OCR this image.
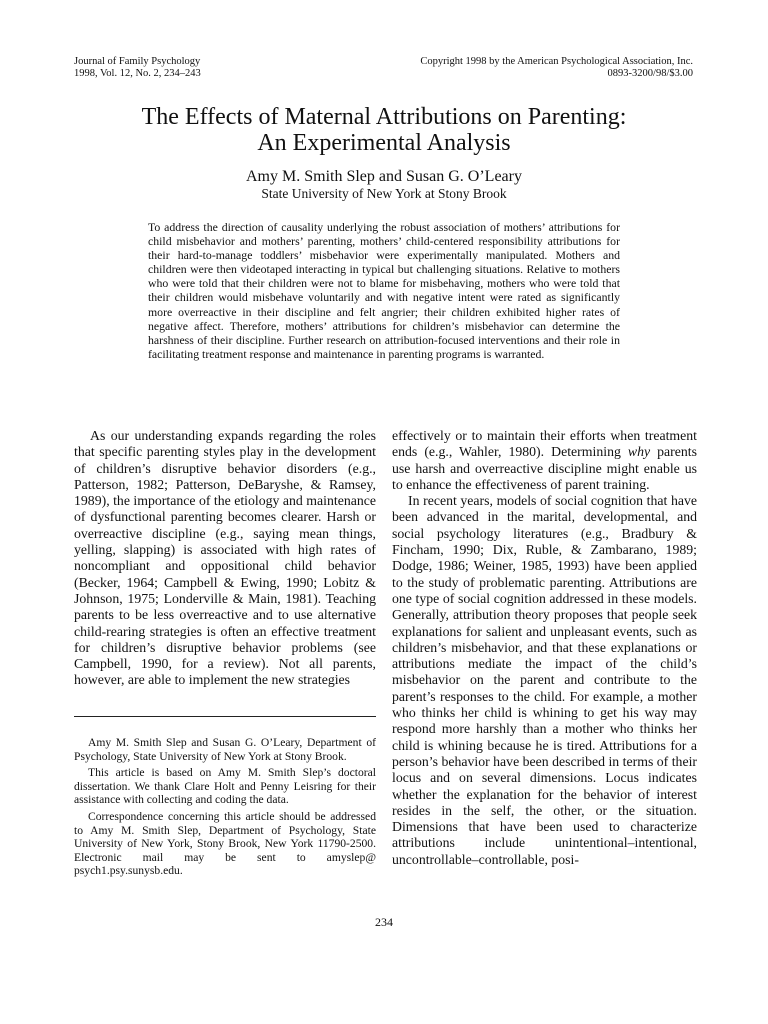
Journal of Family Psychology
1998, Vol. 12, No. 2, 234–243
Copyright 1998 by the American Psychological Association, Inc.
0893-3200/98/$3.00
The Effects of Maternal Attributions on Parenting:
An Experimental Analysis
Amy M. Smith Slep and Susan G. O’Leary
State University of New York at Stony Brook

To address the direction of causality underlying the robust association of mothers’ attributions for child misbehavior and mothers’ parenting, mothers’ child-centered responsibility attributions for their hard-to-manage toddlers’ misbehavior were experimentally manipulated. Mothers and children were then videotaped interacting in typical but challenging situations. Relative to mothers who were told that their children were not to blame for misbehaving, mothers who were told that their children would misbehave voluntarily and with negative intent were rated as significantly more overreactive in their discipline and felt angrier; their children exhibited higher rates of negative affect. Therefore, mothers’ attributions for children’s misbehavior can determine the harshness of their discipline. Further research on attribution-focused interventions and their role in facilitating treatment response and maintenance in parenting programs is warranted.

As our understanding expands regarding the roles that specific parenting styles play in the development of children’s disruptive behavior disorders (e.g., Patterson, 1982; Patterson, DeBaryshe, & Ramsey, 1989), the importance of the etiology and maintenance of dysfunctional parenting becomes clearer. Harsh or overreactive discipline (e.g., saying mean things, yelling, slapping) is associated with high rates of noncompliant and oppositional child behavior (Becker, 1964; Campbell & Ewing, 1990; Lobitz & Johnson, 1975; Londerville & Main, 1981). Teaching parents to be less overreactive and to use alternative child-rearing strategies is often an effective treatment for children’s disruptive behavior problems (see Campbell, 1990, for a review). Not all parents, however, are able to implement the new strategies

effectively or to maintain their efforts when treatment ends (e.g., Wahler, 1980). Determining why parents use harsh and overreactive discipline might enable us to enhance the effectiveness of parent training.

In recent years, models of social cognition that have been advanced in the marital, developmental, and social psychology literatures (e.g., Bradbury & Fincham, 1990; Dix, Ruble, & Zambarano, 1989; Dodge, 1986; Weiner, 1985, 1993) have been applied to the study of problematic parenting. Attributions are one type of social cognition addressed in these models. Generally, attribution theory proposes that people seek explanations for salient and unpleasant events, such as children’s misbehavior, and that these explanations or attributions mediate the impact of the child’s misbehavior on the parent and contribute to the parent’s responses to the child. For example, a mother who thinks her child is whining to get his way may respond more harshly than a mother who thinks her child is whining because he is tired. Attributions for a person’s behavior have been described in terms of their locus and on several dimensions. Locus indicates whether the explanation for the behavior of interest resides in the self, the other, or the situation. Dimensions that have been used to characterize attributions include unintentional–intentional, uncontrollable–controllable, posi-

Amy M. Smith Slep and Susan G. O’Leary, Department of Psychology, State University of New York at Stony Brook.

This article is based on Amy M. Smith Slep’s doctoral dissertation. We thank Clare Holt and Penny Leisring for their assistance with collecting and coding the data.

Correspondence concerning this article should be addressed to Amy M. Smith Slep, Department of Psychology, State University of New York, Stony Brook, New York 11790-2500. Electronic mail may be sent to amyslep@ psych1.psy.sunysb.edu.

234
